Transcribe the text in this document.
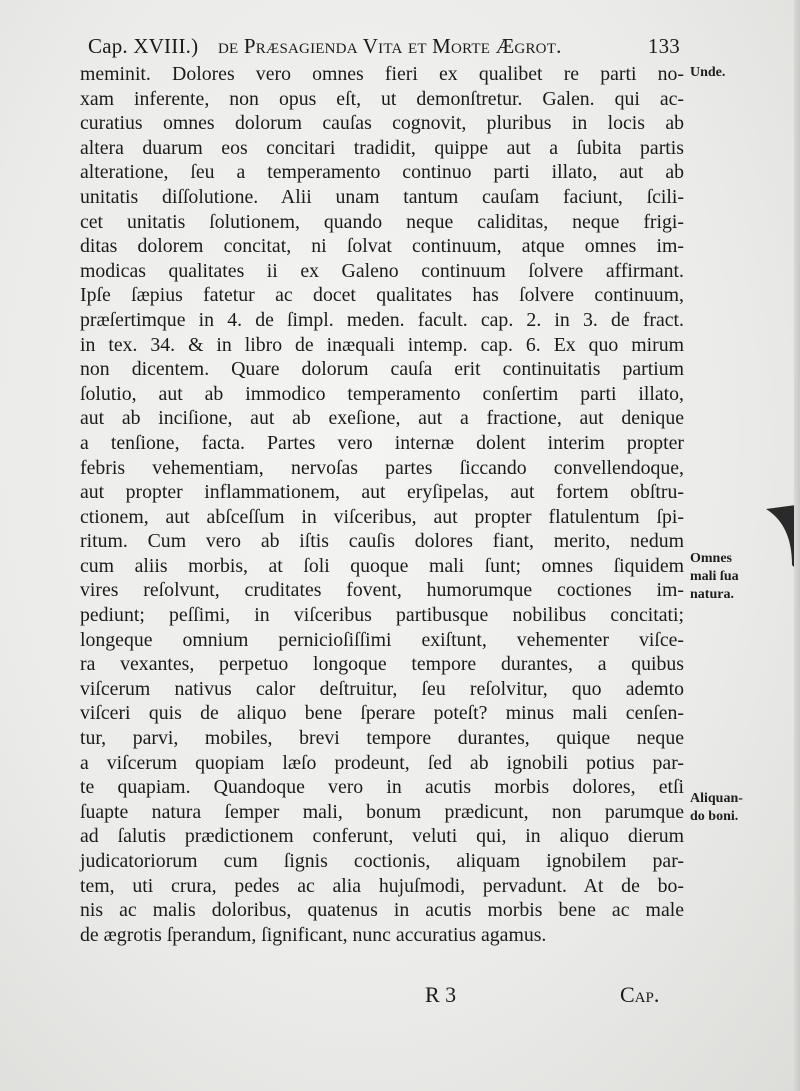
Cap. XVIII.) de Præsagienda Vita et Morte Ægrot.	133
meminit. Dolores vero omnes fieri ex qualibet re parti no-
xam inferente, non opus eſt, ut demonſtretur. Galen. qui ac-
curatius omnes dolorum cauſas cognovit, pluribus in locis ab
altera duarum eos concitari tradidit, quippe aut a ſubita partis
alteratione, ſeu a temperamento continuo parti illato, aut ab
unitatis diſſolutione. Alii unam tantum cauſam faciunt, ſcili-
cet unitatis ſolutionem, quando neque caliditas, neque frigi-
ditas dolorem concitat, ni ſolvat continuum, atque omnes im-
modicas qualitates ii ex Galeno continuum ſolvere affirmant.
Ipſe ſæpius fatetur ac docet qualitates has ſolvere continuum,
præſertimque in 4. de ſimpl. meden. facult. cap. 2. in 3. de fract.
in tex. 34. & in libro de inæquali intemp. cap. 6. Ex quo mirum
non dicentem. Quare dolorum cauſa erit continuitatis partium
ſolutio, aut ab immodico temperamento conſertim parti illato,
aut ab inciſione, aut ab exeſione, aut a fractione, aut denique
a tenſione, facta. Partes vero internæ dolent interim propter
febris vehementiam, nervoſas partes ſiccando convellendoque,
aut propter inflammationem, aut eryſipelas, aut fortem obſtru-
ctionem, aut abſceſſum in viſceribus, aut propter flatulentum ſpi-
ritum. Cum vero ab iſtis cauſis dolores fiant, merito, nedum
cum aliis morbis, at ſoli quoque mali ſunt; omnes ſiquidem
vires reſolvunt, cruditates fovent, humorumque coctiones im-
pediunt; peſſimi, in viſceribus partibusque nobilibus concitati;
longeque omnium pernicioſiſſimi exiſtunt, vehementer viſce-
ra vexantes, perpetuo longoque tempore durantes, a quibus
viſcerum nativus calor deſtruitur, ſeu reſolvitur, quo ademto
viſceri quis de aliquo bene ſperare poteſt? minus mali cenſen-
tur, parvi, mobiles, brevi tempore durantes, quique neque
a viſcerum quopiam læſo prodeunt, ſed ab ignobili potius par-
te quapiam. Quandoque vero in acutis morbis dolores, etſi
ſuapte natura ſemper mali, bonum prædicunt, non parumque
ad ſalutis prædictionem conferunt, veluti qui, in aliquo dierum
judicatoriorum cum ſignis coctionis, aliquam ignobilem par-
tem, uti crura, pedes ac alia hujuſmodi, pervadunt. At de bo-
nis ac malis doloribus, quatenus in acutis morbis bene ac male
de ægrotis ſperandum, ſignificant, nunc accuratius agamus.
Unde.
Omnes
mali ſua
natura.
Aliquan-
do boni.
R 3	Cap.
